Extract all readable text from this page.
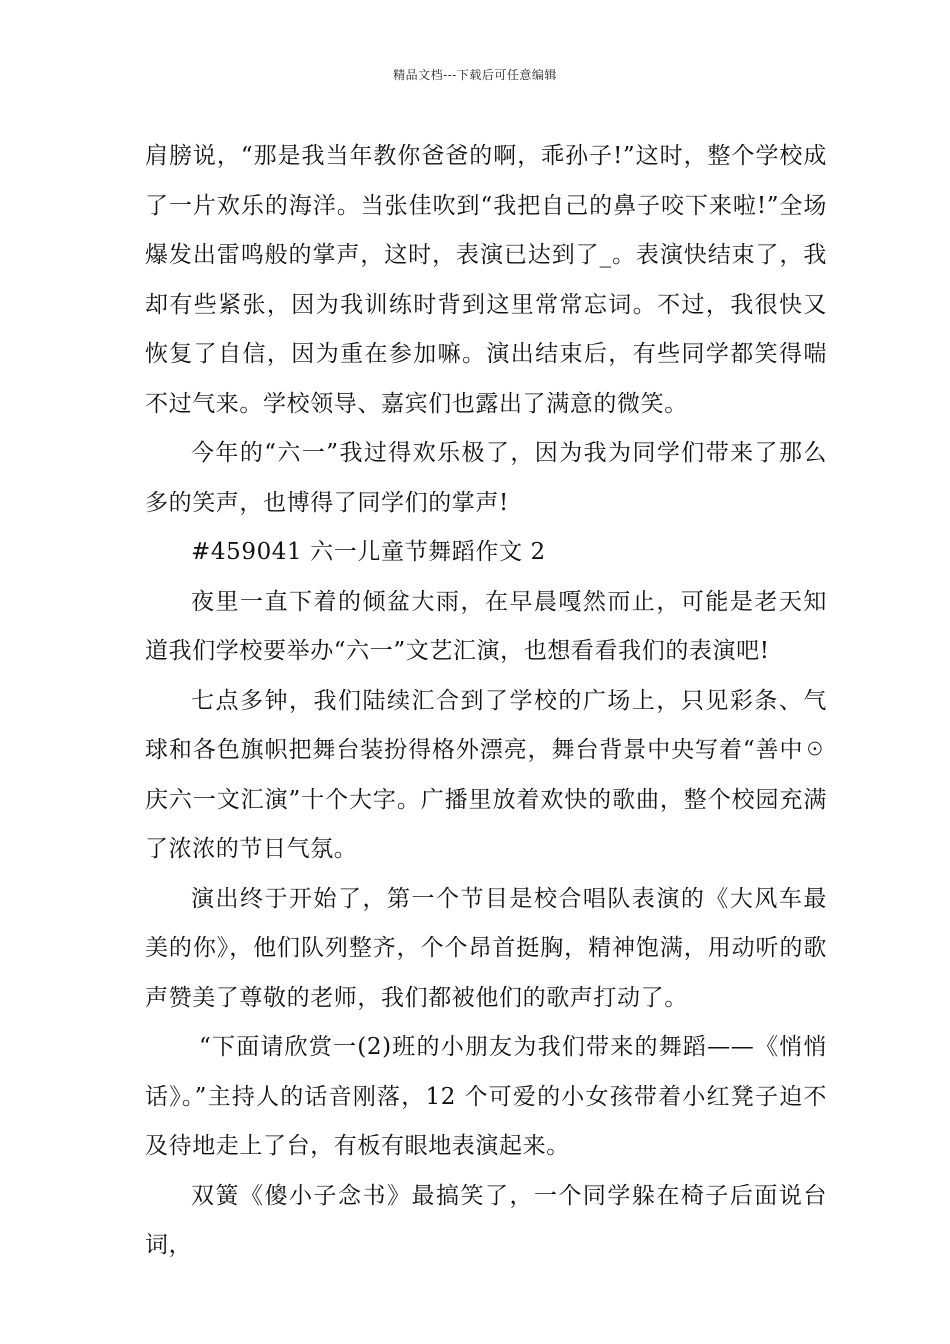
精品文档---下载后可任意编辑

肩膀说，“那是我当年教你爸爸的啊，乖孙子!”这时，整个学校成了一片欢乐的海洋。当张佳吹到“我把自己的鼻子咬下来啦!”全场爆发出雷鸣般的掌声，这时，表演已达到了_。表演快结束了，我却有些紧张，因为我训练时背到这里常常忘词。不过，我很快又恢复了自信，因为重在参加嘛。演出结束后，有些同学都笑得喘不过气来。学校领导、嘉宾们也露出了满意的微笑。

今年的“六一”我过得欢乐极了，因为我为同学们带来了那么多的笑声，也博得了同学们的掌声!

#459041 六一儿童节舞蹈作文 2

夜里一直下着的倾盆大雨，在早晨嘎然而止，可能是老天知道我们学校要举办“六一”文艺汇演，也想看看我们的表演吧!

七点多钟，我们陆续汇合到了学校的广场上，只见彩条、气球和各色旗帜把舞台装扮得格外漂亮，舞台背景中央写着“善中☉庆六一文汇演”十个大字。广播里放着欢快的歌曲，整个校园充满了浓浓的节日气氛。

演出终于开始了，第一个节目是校合唱队表演的《大风车最美的你》，他们队列整齐，个个昂首挺胸，精神饱满，用动听的歌声赞美了尊敬的老师，我们都被他们的歌声打动了。

“下面请欣赏一(2)班的小朋友为我们带来的舞蹈——《悄悄话》。”主持人的话音刚落，12 个可爱的小女孩带着小红凳子迫不及待地走上了台，有板有眼地表演起来。

双簧《傻小子念书》最搞笑了，一个同学躲在椅子后面说台词，
